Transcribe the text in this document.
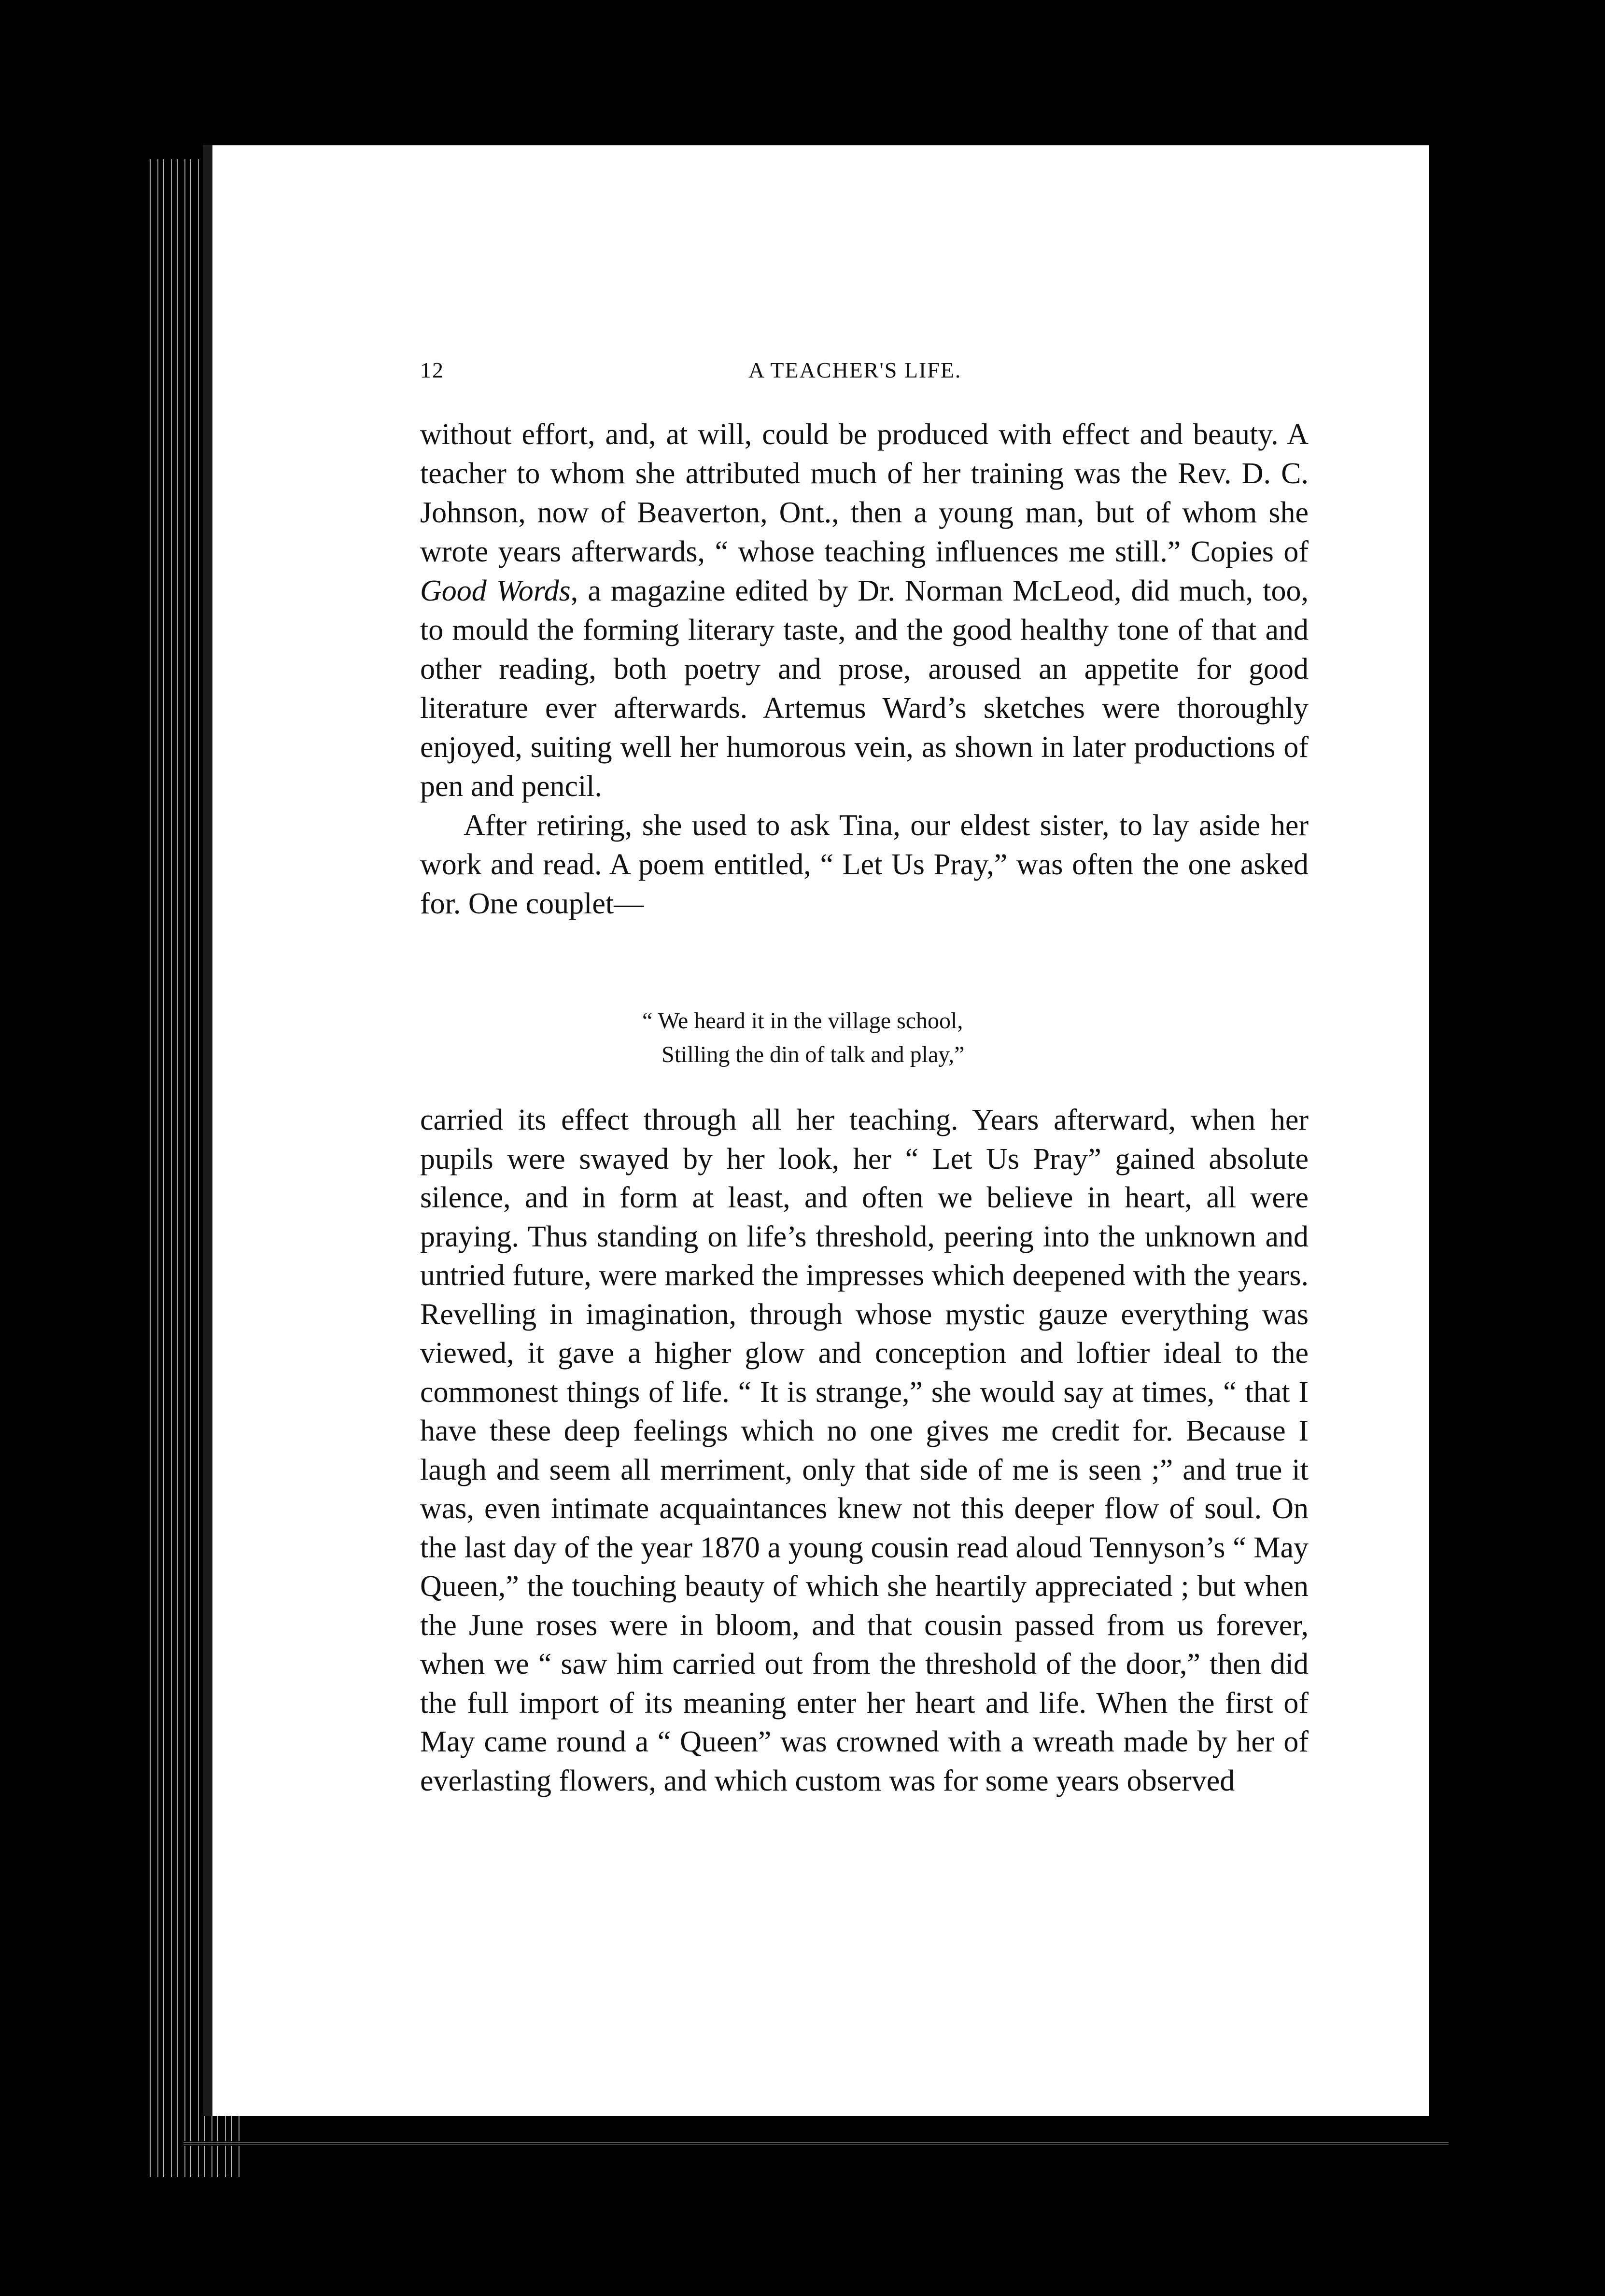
12	A TEACHER'S LIFE.

without effort, and, at will, could be produced with effect and beauty. A teacher to whom she attributed much of her training was the Rev. D. C. Johnson, now of Beaverton, Ont., then a young man, but of whom she wrote years afterwards, “ whose teaching influences me still.” Copies of Good Words, a magazine edited by Dr. Norman McLeod, did much, too, to mould the forming literary taste, and the good healthy tone of that and other reading, both poetry and prose, aroused an appetite for good literature ever afterwards. Artemus Ward’s sketches were thoroughly enjoyed, suiting well her humorous vein, as shown in later productions of pen and pencil.

After retiring, she used to ask Tina, our eldest sister, to lay aside her work and read. A poem entitled, “ Let Us Pray,” was often the one asked for. One couplet—

“ We heard it in the village school,
Stilling the din of talk and play,”

carried its effect through all her teaching. Years afterward, when her pupils were swayed by her look, her “ Let Us Pray” gained absolute silence, and in form at least, and often we believe in heart, all were praying. Thus standing on life’s threshold, peering into the unknown and untried future, were marked the impresses which deepened with the years. Revelling in imagination, through whose mystic gauze everything was viewed, it gave a higher glow and conception and loftier ideal to the commonest things of life. “ It is strange,” she would say at times, “ that I have these deep feelings which no one gives me credit for. Because I laugh and seem all merriment, only that side of me is seen ;” and true it was, even intimate acquaintances knew not this deeper flow of soul. On the last day of the year 1870 a young cousin read aloud Tennyson’s “ May Queen,” the touching beauty of which she heartily appreciated ; but when the June roses were in bloom, and that cousin passed from us forever, when we “ saw him carried out from the threshold of the door,” then did the full import of its meaning enter her heart and life. When the first of May came round a “ Queen” was crowned with a wreath made by her of everlasting flowers, and which custom was for some years observed
